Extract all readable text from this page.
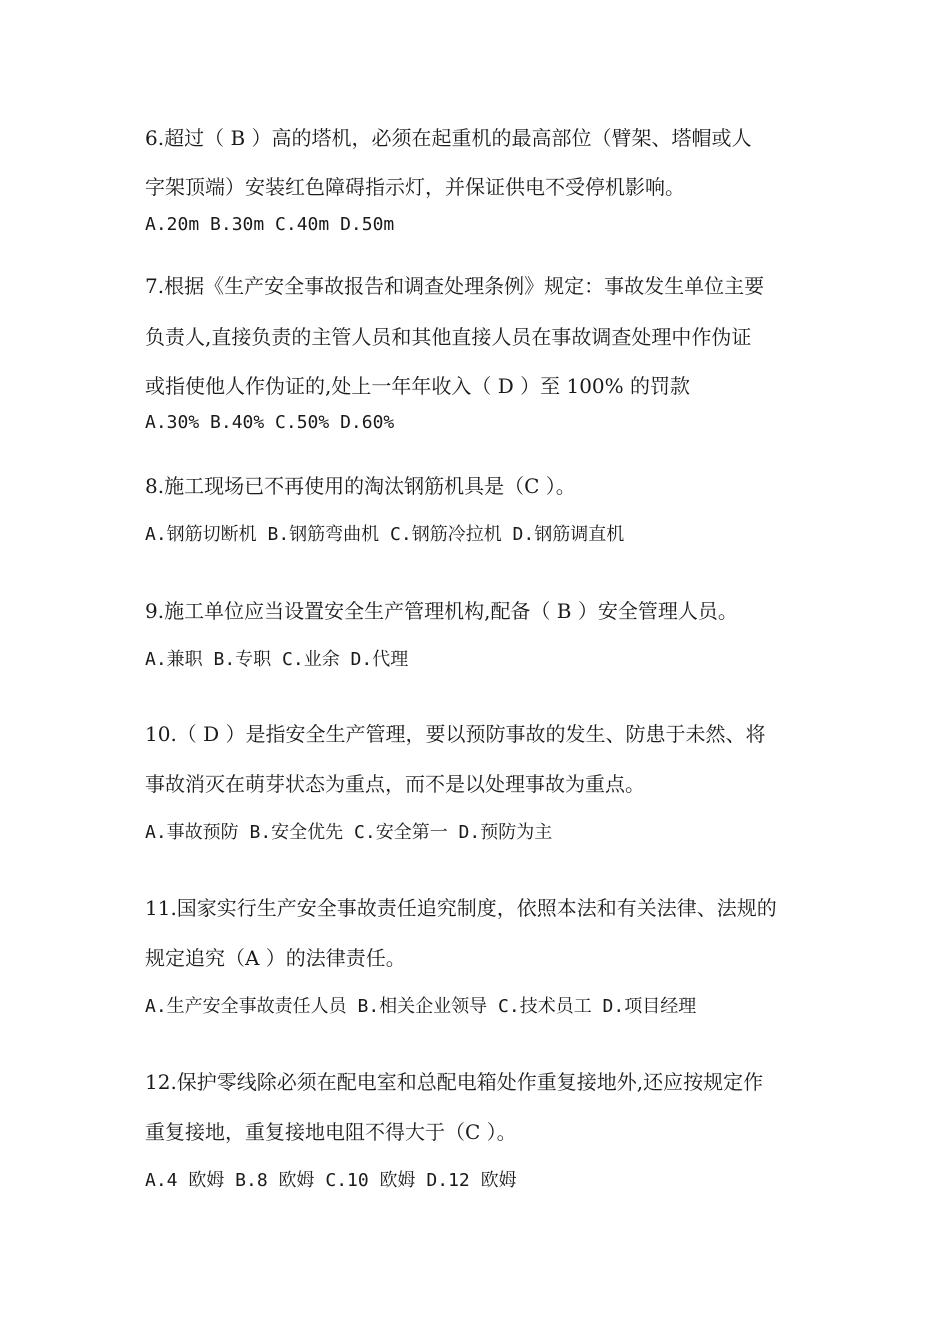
6.超过（ B ）高的塔机，必须在起重机的最高部位（臂架、塔帽或人
字架顶端）安装红色障碍指示灯，并保证供电不受停机影响。
A.20m B.30m C.40m D.50m
7.根据《生产安全事故报告和调查处理条例》规定：事故发生单位主要
负责人,直接负责的主管人员和其他直接人员在事故调查处理中作伪证
或指使他人作伪证的,处上一年年收入（ D ）至 100% 的罚款
A.30% B.40% C.50% D.60%
8.施工现场已不再使用的淘汰钢筋机具是（C ）。
A.钢筋切断机 B.钢筋弯曲机 C.钢筋冷拉机 D.钢筋调直机
9.施工单位应当设置安全生产管理机构,配备（ B ）安全管理人员。
A.兼职 B.专职 C.业余 D.代理
10.（ D ）是指安全生产管理，要以预防事故的发生、防患于未然、将
事故消灭在萌芽状态为重点，而不是以处理事故为重点。
A.事故预防 B.安全优先 C.安全第一 D.预防为主
11.国家实行生产安全事故责任追究制度，依照本法和有关法律、法规的
规定追究（A ）的法律责任。
A.生产安全事故责任人员 B.相关企业领导 C.技术员工 D.项目经理
12.保护零线除必须在配电室和总配电箱处作重复接地外,还应按规定作
重复接地，重复接地电阻不得大于（C ）。
A.4 欧姆 B.8 欧姆 C.10 欧姆 D.12 欧姆
